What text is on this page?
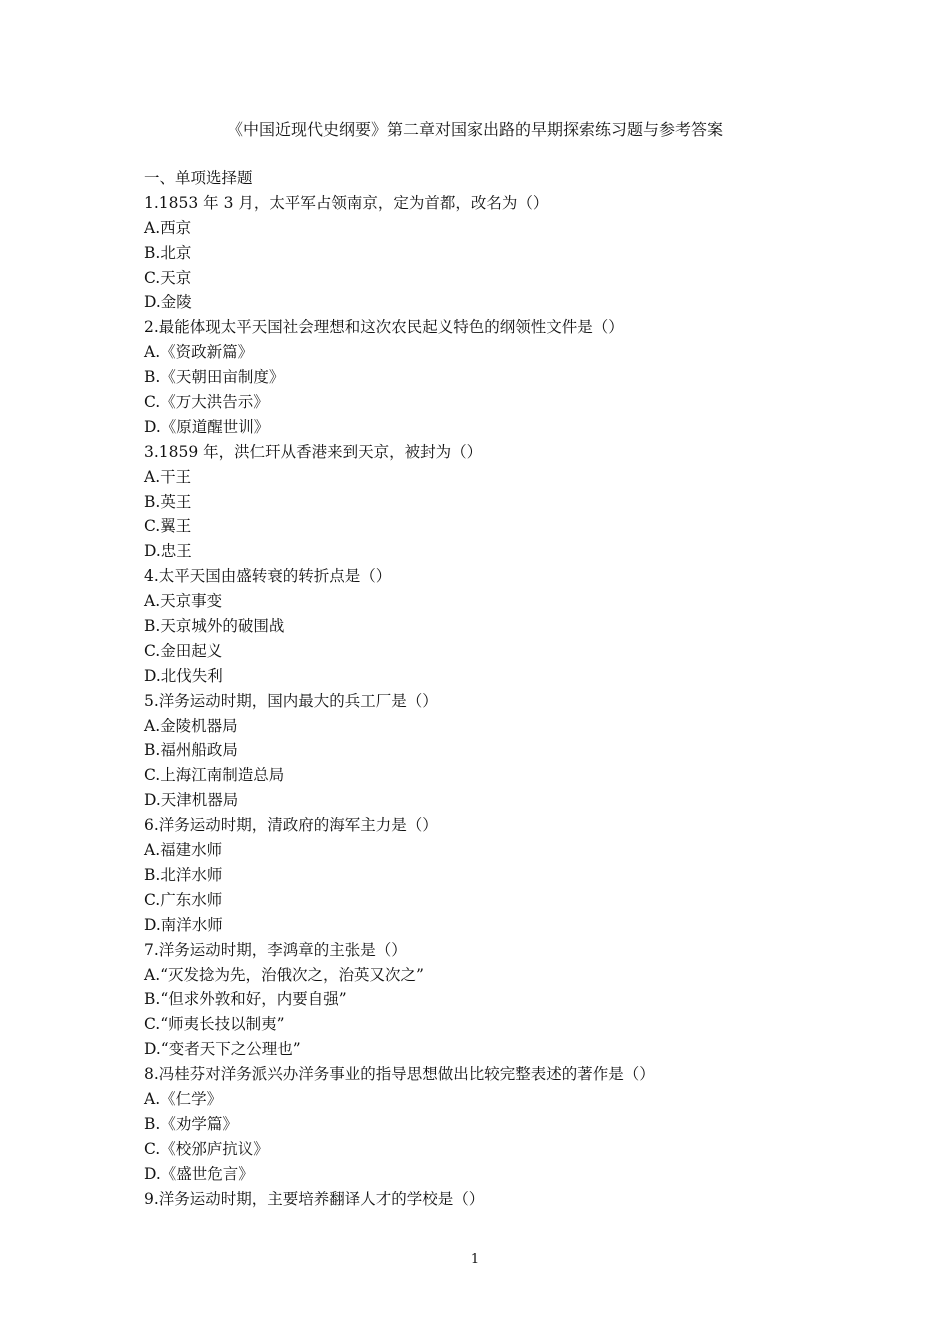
《中国近现代史纲要》第二章对国家出路的早期探索练习题与参考答案
一、单项选择题
1.1853 年 3 月，太平军占领南京，定为首都，改名为（）
A.西京
B.北京
C.天京
D.金陵
2.最能体现太平天国社会理想和这次农民起义特色的纲领性文件是（）
A.《资政新篇》
B.《天朝田亩制度》
C.《万大洪告示》
D.《原道醒世训》
3.1859 年，洪仁玕从香港来到天京，被封为（）
A.干王
B.英王
C.翼王
D.忠王
4.太平天国由盛转衰的转折点是（）
A.天京事变
B.天京城外的破围战
C.金田起义
D.北伐失利
5.洋务运动时期，国内最大的兵工厂是（）
A.金陵机器局
B.福州船政局
C.上海江南制造总局
D.天津机器局
6.洋务运动时期，清政府的海军主力是（）
A.福建水师
B.北洋水师
C.广东水师
D.南洋水师
7.洋务运动时期，李鸿章的主张是（）
A.“灭发捻为先，治俄次之，治英又次之”
B.“但求外敦和好，内要自强”
C.“师夷长技以制夷”
D.“变者天下之公理也”
8.冯桂芬对洋务派兴办洋务事业的指导思想做出比较完整表述的著作是（）
A.《仁学》
B.《劝学篇》
C.《校邠庐抗议》
D.《盛世危言》
9.洋务运动时期，主要培养翻译人才的学校是（）
1
